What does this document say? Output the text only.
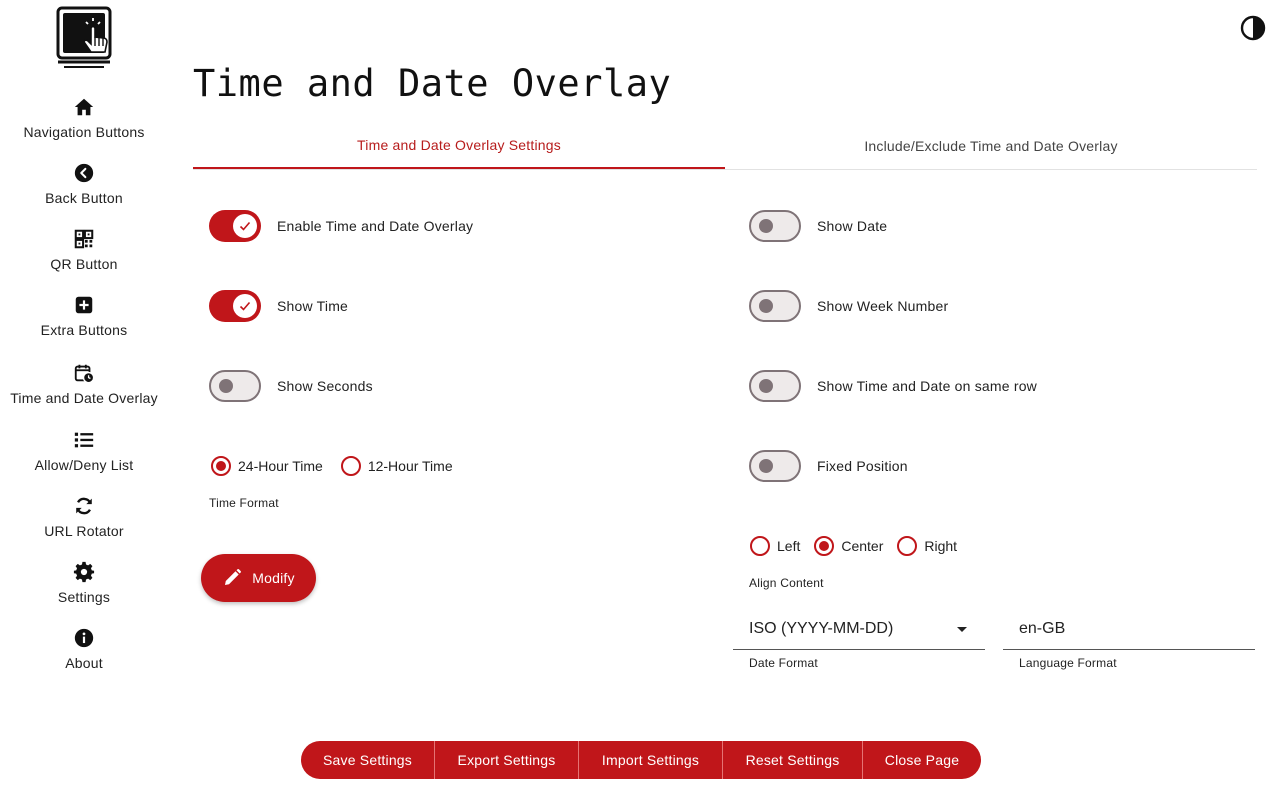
Navigation Buttons
Back Button
QR Button
Extra Buttons
Time and Date Overlay
Allow/Deny List
URL Rotator
Settings
About
Time and Date Overlay
Time and Date Overlay Settings	Include/Exclude Time and Date Overlay
Enable Time and Date Overlay
Show Time
Show Seconds
24-Hour Time	12-Hour Time
Time Format
Modify
Show Date
Show Week Number
Show Time and Date on same row
Fixed Position
Left	Center	Right
Align Content
ISO (YYYY-MM-DD)
Date Format
en-GB
Language Format
Save Settings	Export Settings	Import Settings	Reset Settings	Close Page
